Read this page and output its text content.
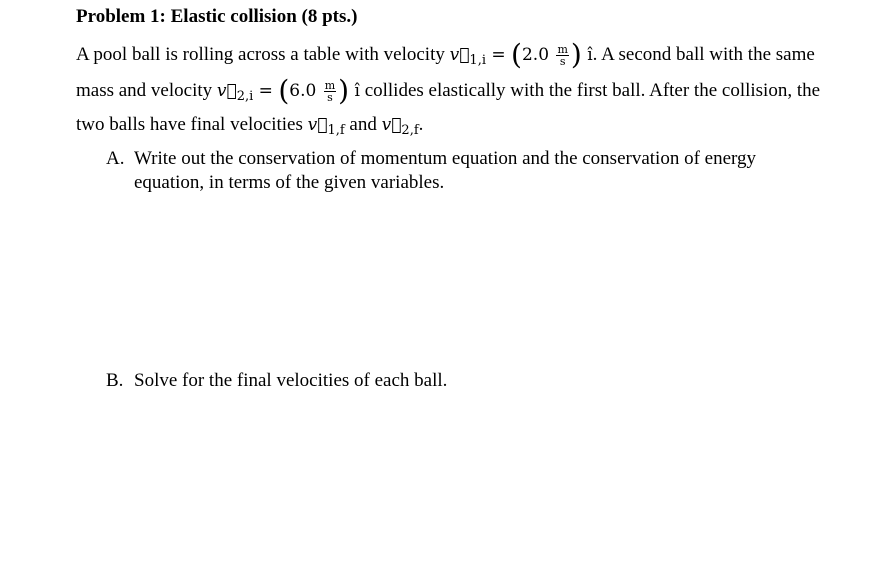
Problem 1: Elastic collision (8 pts.)
A pool ball is rolling across a table with velocity $v⃗_{1,i} = (2.0 \frac{m}{s}$ ) î. A second ball with the same
mass and velocity $v⃗_{2,i} = (6.0 \frac{m}{s}$ ) î collides elastically with the first ball. After the collision, the
two balls have final velocities $v⃗_{1,f}$ and $v⃗_{2,f}$.
A. Write out the conservation of momentum equation and the conservation of energy
equation, in terms of the given variables.
B. Solve for the final velocities of each ball.
